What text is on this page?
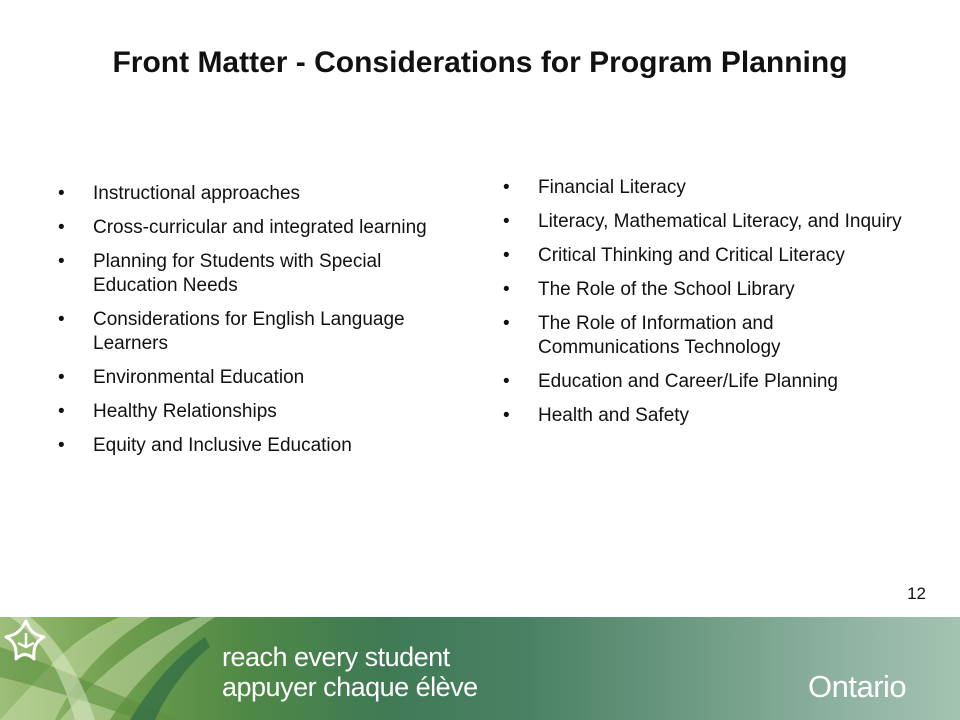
Front Matter - Considerations for Program Planning
•	Instructional approaches
•	Cross-curricular and integrated learning
•	Planning for Students with Special Education Needs
•	Considerations for English Language Learners
•	Environmental Education
•	Healthy Relationships
•	Equity and Inclusive Education
•	Financial Literacy
•	Literacy, Mathematical Literacy, and Inquiry
•	Critical Thinking and Critical Literacy
•	The Role of the School Library
•	The Role of Information and Communications Technology
•	Education and Career/Life Planning
•	Health and Safety
12
reach every student
appuyer chaque élève	Ontario
